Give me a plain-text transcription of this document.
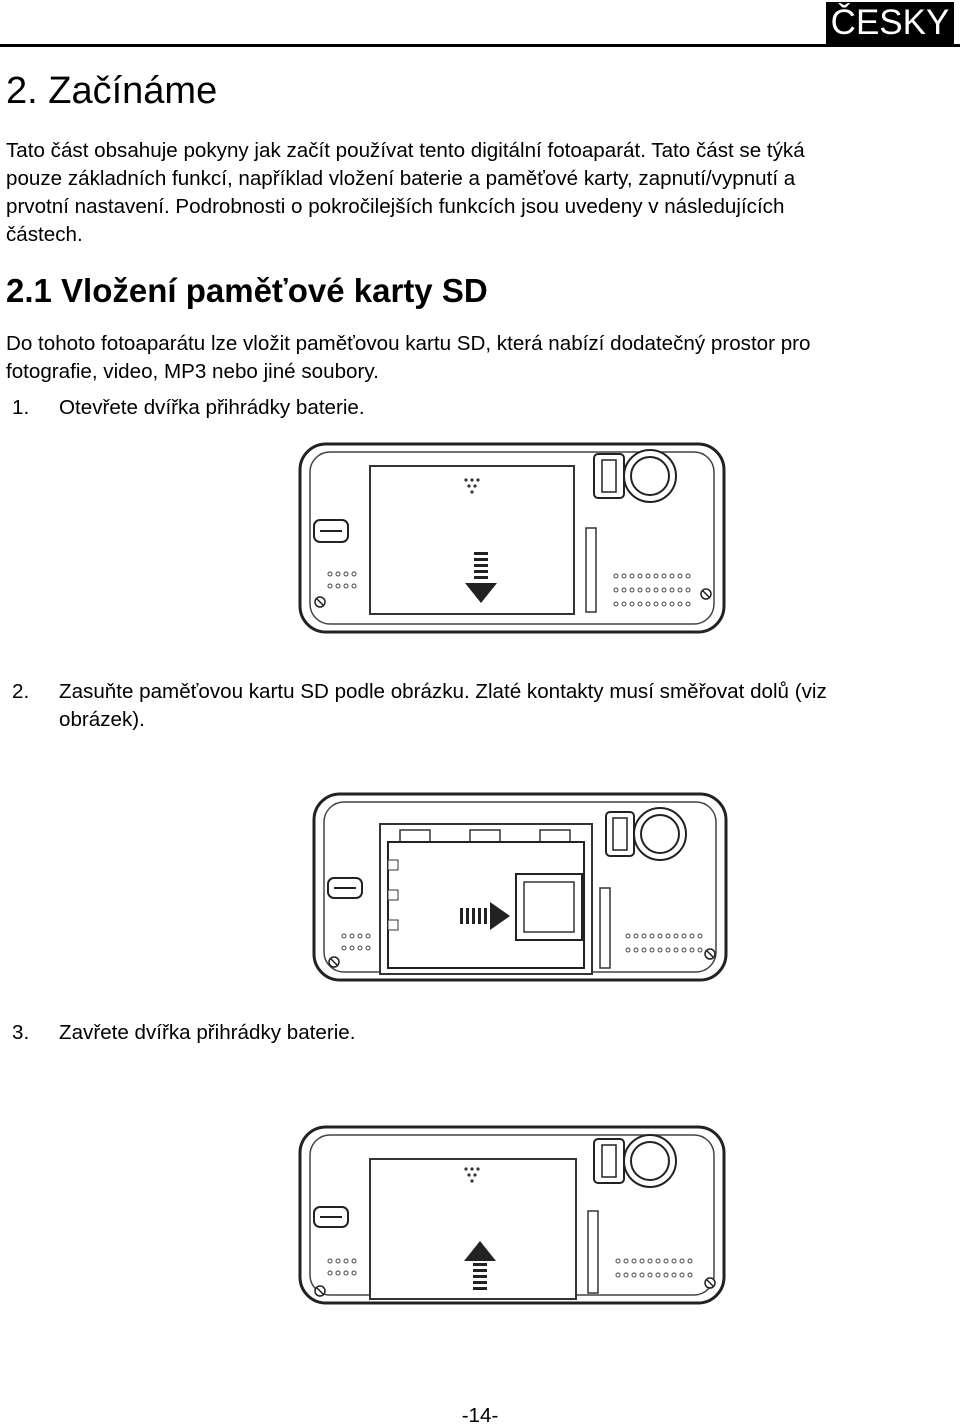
ČESKY
2. Začínáme

Tato část obsahuje pokyny jak začít používat tento digitální fotoaparát. Tato část se týká

pouze základních funkcí, například vložení baterie a paměťové karty, zapnutí/vypnutí a

prvotní nastavení. Podrobnosti o pokročilejších funkcích jsou uvedeny v následujících

částech.

2.1 Vložení paměťové karty SD

Do tohoto fotoaparátu lze vložit paměťovou kartu SD, která nabízí dodatečný prostor pro

fotografie, video, MP3 nebo jiné soubory.

1. Otevřete dvířka přihrádky baterie.
2. Zasuňte paměťovou kartu SD podle obrázku. Zlaté kontakty musí směřovat dolů (viz
obrázek).
3. Zavřete dvířka přihrádky baterie.
-14-
